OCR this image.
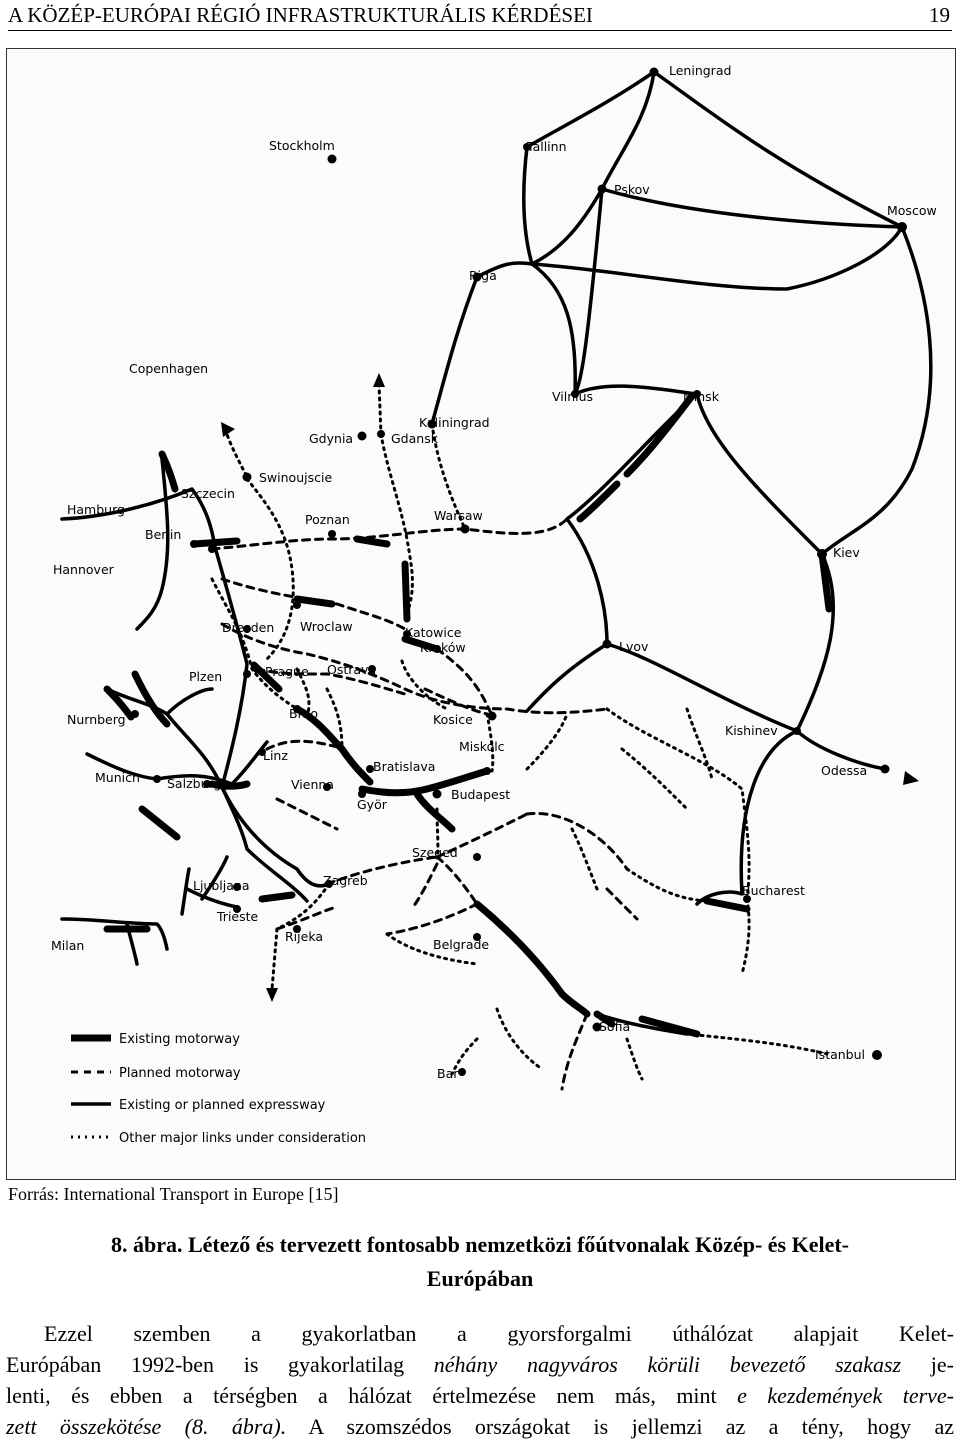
A KÖZÉP-EURÓPAI RÉGIÓ INFRASTRUKTURÁLIS KÉRDÉSEI	19
Leningrad
Stockholm	Tallinn
Pskov
Moscow
Riga
Copenhagen
Vilnius	Minsk
Kaliningrad
Gdynia	Gdansk
Swinoujscie
Hamburg
Szczecin
Berlin
Poznan	Warsaw
Kiev
Hannover
Dresden Wroclaw	Katowice
Kraków	Lvov
Plzen	Prague Ostrava
Nurnberg	Brno	Kosice
Kishinev
Linz
Miskolc
Munich Salzburg
Bratislava
Vienna
Odessa
Györ
Budapest
Szeged
Ljubljana	Zagreb
Bucharest
Trieste
Milan
Rijeka
Belgrade
Sofia
Istanbul
Bar
Existing motorway
Planned motorway
Existing or planned expressway
Other major links under consideration
Forrás: International Transport in Europe [15]
8. ábra. Létező és tervezett fontosabb nemzetközi főútvonalak Közép- és Kelet-
Európában
Ezzel szemben a gyakorlatban a gyorsforgalmi úthálózat alapjait Kelet-
Európában 1992-ben is gyakorlatilag néhány nagyváros körüli bevezető szakasz je-
lenti, és ebben a térségben a hálózat értelmezése nem más, mint e kezdemények terve-
zett összekötése (8. ábra). A szomszédos országokat is jellemzi az a tény, hogy az
